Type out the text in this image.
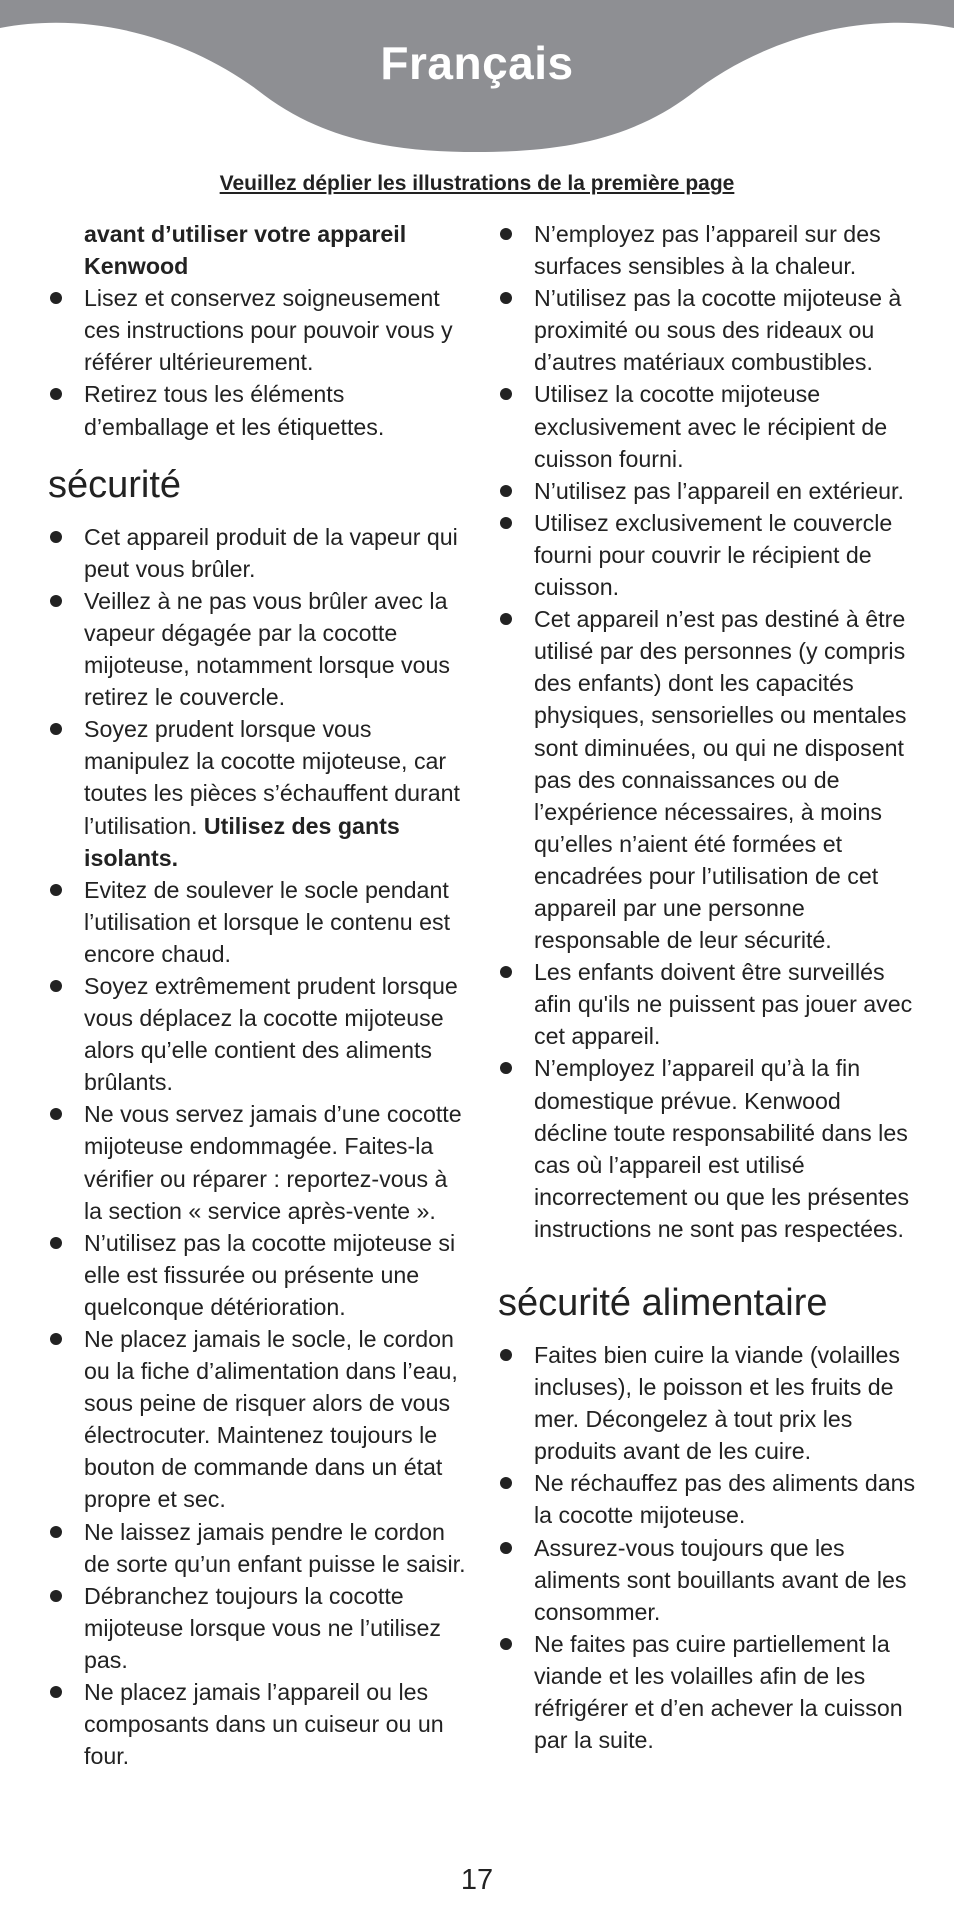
Français
Veuillez déplier les illustrations de la première page

avant d’utiliser votre appareil Kenwood

Lisez et conservez soigneusement ces instructions pour pouvoir vous y référer ultérieurement.
Retirez tous les éléments d’emballage et les étiquettes.
sécurité
Cet appareil produit de la vapeur qui peut vous brûler.
Veillez à ne pas vous brûler avec la vapeur dégagée par la cocotte mijoteuse, notamment lorsque vous retirez le couvercle.
Soyez prudent lorsque vous manipulez la cocotte mijoteuse, car toutes les pièces s’échauffent durant l’utilisation. Utilisez des gants isolants.
Evitez de soulever le socle pendant l’utilisation et lorsque le contenu est encore chaud.
Soyez extrêmement prudent lorsque vous déplacez la cocotte mijoteuse alors qu’elle contient des aliments brûlants.
Ne vous servez jamais d’une cocotte mijoteuse endommagée. Faites-la vérifier ou réparer : reportez-vous à la section « service après-vente ».
N’utilisez pas la cocotte mijoteuse si elle est fissurée ou présente une quelconque détérioration.
Ne placez jamais le socle, le cordon ou la fiche d’alimentation dans l’eau, sous peine de risquer alors de vous électrocuter. Maintenez toujours le bouton de commande dans un état propre et sec.
Ne laissez jamais pendre le cordon de sorte qu’un enfant puisse le saisir.
Débranchez toujours la cocotte mijoteuse lorsque vous ne l’utilisez pas.
Ne placez jamais l’appareil ou les composants dans un cuiseur ou un four.
N’employez pas l’appareil sur des surfaces sensibles à la chaleur.
N’utilisez pas la cocotte mijoteuse à proximité ou sous des rideaux ou d’autres matériaux combustibles.
Utilisez la cocotte mijoteuse exclusivement avec le récipient de cuisson fourni.
N’utilisez pas l’appareil en extérieur.
Utilisez exclusivement le couvercle fourni pour couvrir le récipient de cuisson.
Cet appareil n’est pas destiné à être utilisé par des personnes (y compris des enfants) dont les capacités physiques, sensorielles ou mentales sont diminuées, ou qui ne disposent pas des connaissances ou de l’expérience nécessaires, à moins qu’elles n’aient été formées et encadrées pour l’utilisation de cet appareil par une personne responsable de leur sécurité.
Les enfants doivent être surveillés afin qu'ils ne puissent pas jouer avec cet appareil.
N’employez l’appareil qu’à la fin domestique prévue. Kenwood décline toute responsabilité dans les cas où l’appareil est utilisé incorrectement ou que les présentes instructions ne sont pas respectées.
sécurité alimentaire
Faites bien cuire la viande (volailles incluses), le poisson et les fruits de mer. Décongelez à tout prix les produits avant de les cuire.
Ne réchauffez pas des aliments dans la cocotte mijoteuse.
Assurez-vous toujours que les aliments sont bouillants avant de les consommer.
Ne faites pas cuire partiellement la viande et les volailles afin de les réfrigérer et d’en achever la cuisson par la suite.
17
